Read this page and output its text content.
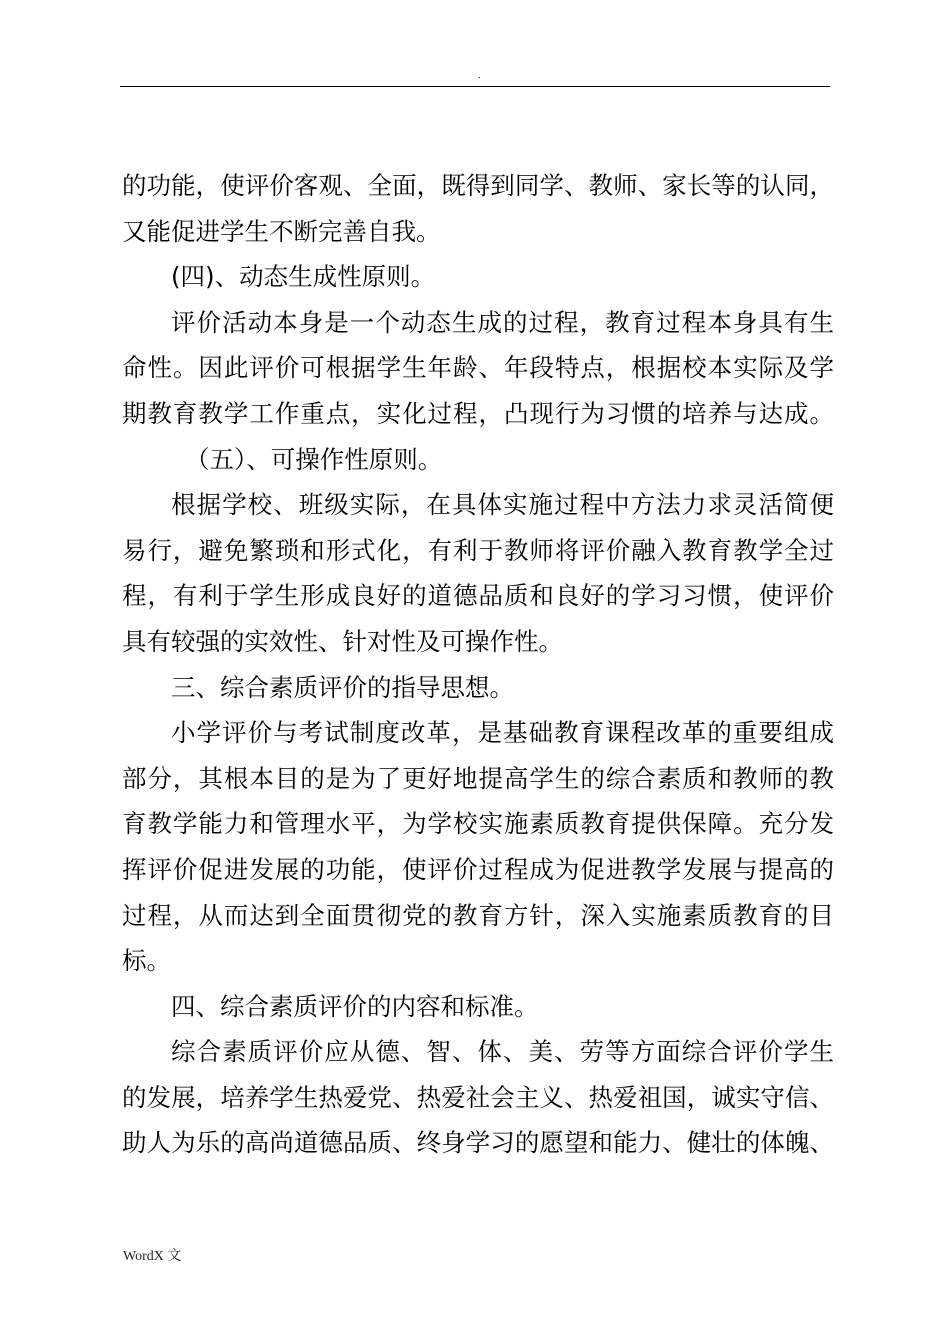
.
的功能，使评价客观、全面，既得到同学、教师、家长等的认同，
又能促进学生不断完善自我。
(四)、动态生成性原则。
评价活动本身是一个动态生成的过程，教育过程本身具有生
命性。因此评价可根据学生年龄、年段特点，根据校本实际及学
期教育教学工作重点，实化过程，凸现行为习惯的培养与达成。
（五）、可操作性原则。
根据学校、班级实际，在具体实施过程中方法力求灵活简便
易行，避免繁琐和形式化，有利于教师将评价融入教育教学全过
程，有利于学生形成良好的道德品质和良好的学习习惯，使评价
具有较强的实效性、针对性及可操作性。
三、综合素质评价的指导思想。
小学评价与考试制度改革，是基础教育课程改革的重要组成
部分，其根本目的是为了更好地提高学生的综合素质和教师的教
育教学能力和管理水平，为学校实施素质教育提供保障。充分发
挥评价促进发展的功能，使评价过程成为促进教学发展与提高的
过程，从而达到全面贯彻党的教育方针，深入实施素质教育的目
标。
四、综合素质评价的内容和标准。
综合素质评价应从德、智、体、美、劳等方面综合评价学生
的发展，培养学生热爱党、热爱社会主义、热爱祖国，诚实守信、
助人为乐的高尚道德品质、终身学习的愿望和能力、健壮的体魄、
WordX 文
